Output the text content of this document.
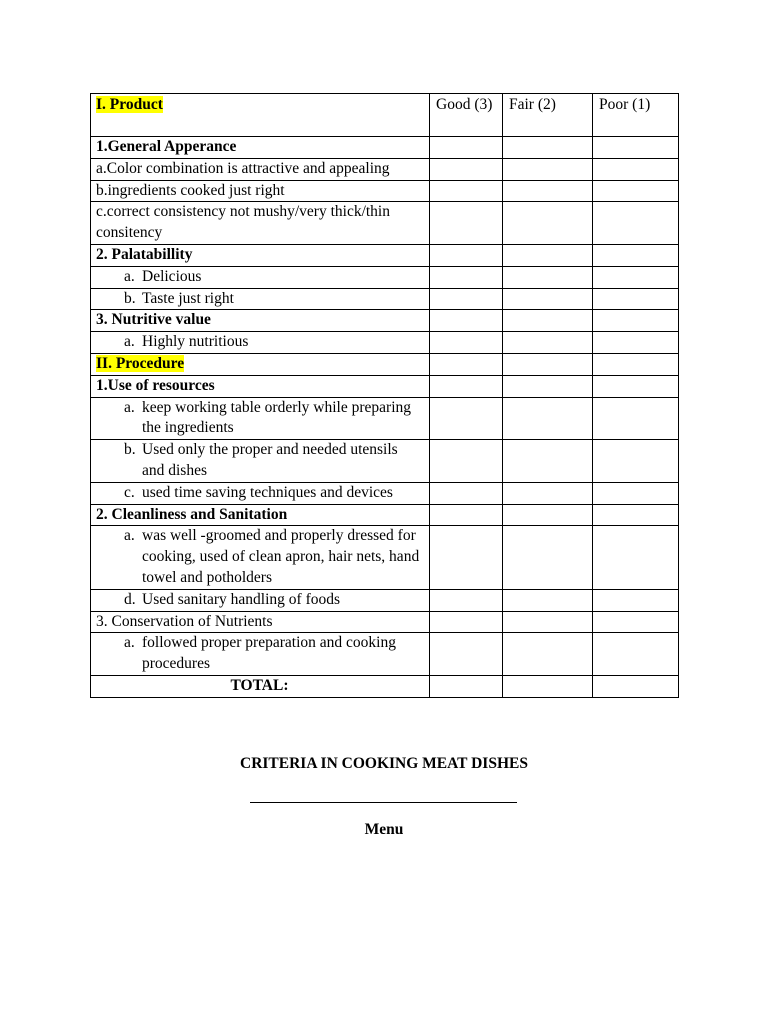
I. Product	Good (3)	Fair (2)	Poor (1)
1.General Apperance			
a.Color combination is attractive and appealing			
b.ingredients cooked just right			
c.correct consistency not mushy/very thick/thin consitency			
2. Palatabillity			
a. Delicious			
b. Taste just right			
3. Nutritive value			
a. Highly nutritious			
II. Procedure			
1.Use of resources			
a. keep working table orderly while preparing the ingredients			
b. Used only the proper and needed utensils and dishes			
c. used time saving techniques and devices			
2. Cleanliness and Sanitation			
a. was well -groomed and properly dressed for cooking, used of clean apron, hair nets, hand towel and potholders			
d. Used sanitary handling of foods			
3. Conservation of Nutrients			
a. followed proper preparation and cooking procedures			
TOTAL:			
CRITERIA IN COOKING MEAT DISHES
Menu
